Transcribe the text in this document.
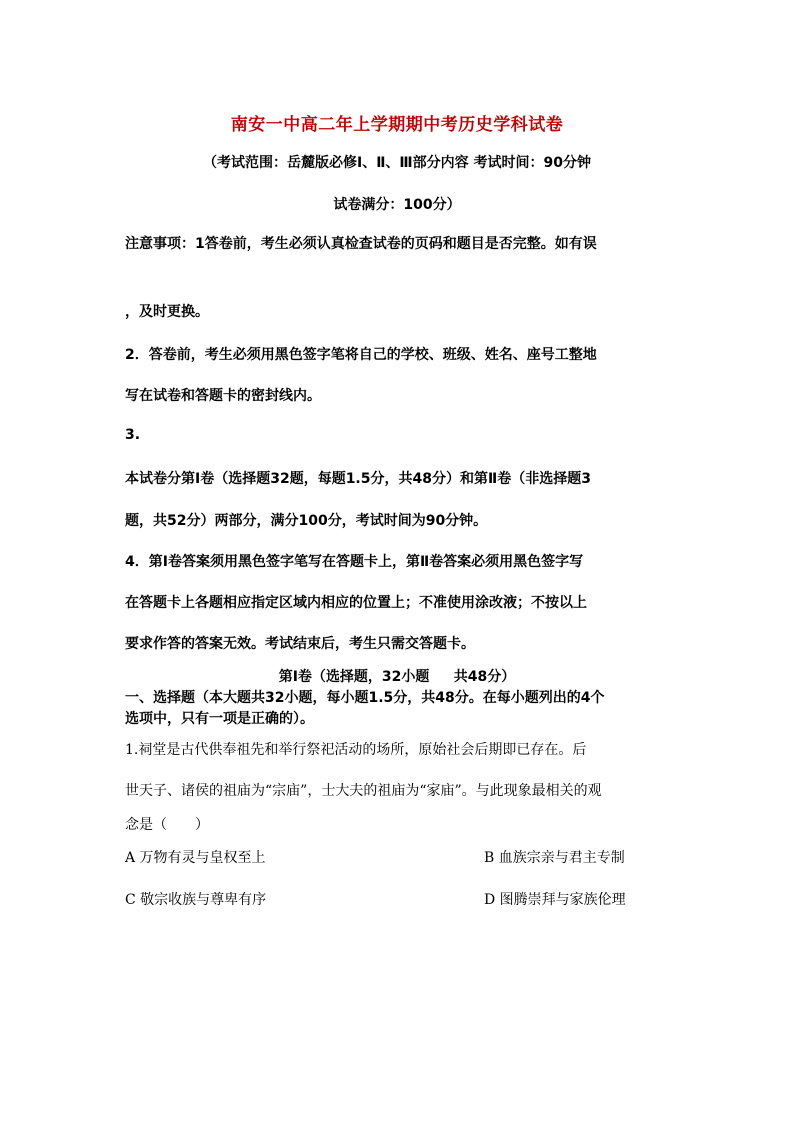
南安一中高二年上学期期中考历史学科试卷
（考试范围：岳麓版必修Ⅰ、Ⅱ、Ⅲ部分内容 考试时间：90分钟
试卷满分：100分）
注意事项：1答卷前，考生必须认真检查试卷的页码和题目是否完整。如有误
，及时更换。
2．答卷前，考生必须用黑色签字笔将自己的学校、班级、姓名、座号工整地
写在试卷和答题卡的密封线内。
3.
本试卷分第Ⅰ卷（选择题32题，每题1.5分，共48分）和第Ⅱ卷（非选择题3
题，共52分）两部分，满分100分，考试时间为90分钟。
4．第Ⅰ卷答案须用黑色签字笔写在答题卡上，第Ⅱ卷答案必须用黑色签字写
在答题卡上各题相应指定区域内相应的位置上；不准使用涂改液；不按以上
要求作答的答案无效。考试结束后，考生只需交答题卡。
第Ⅰ卷（选择题，32小题     共48分）
一、选择题（本大题共32小题，每小题1.5分，共48分。在每小题列出的4个
选项中，只有一项是正确的）。
1.祠堂是古代供奉祖先和举行祭祀活动的场所，原始社会后期即已存在。后
世天子、诸侯的祖庙为“宗庙”，士大夫的祖庙为“家庙”。与此现象最相关的观
念是（　　）
A 万物有灵与皇权至上	B 血族宗亲与君主专制
C 敬宗收族与尊卑有序	D 图腾崇拜与家族伦理
